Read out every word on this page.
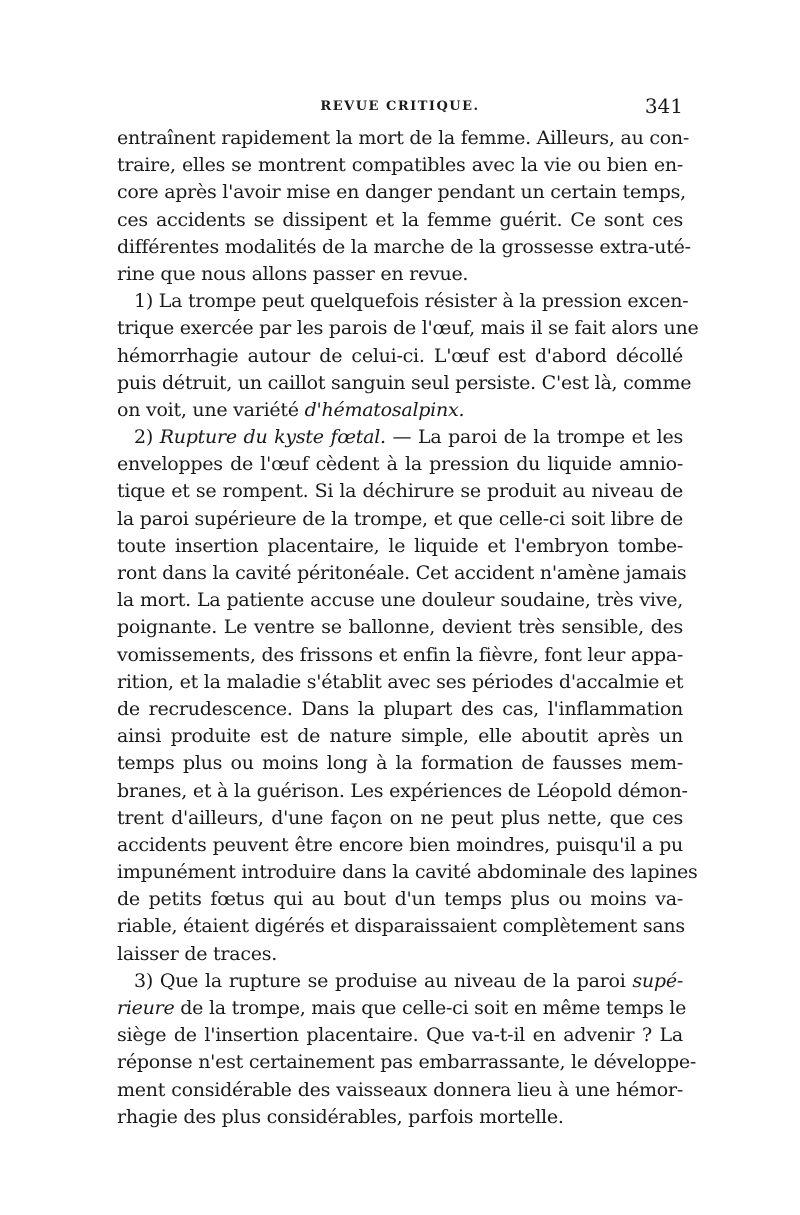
REVUE CRITIQUE.	341
entraînent rapidement la mort de la femme. Ailleurs, au con-
traire, elles se montrent compatibles avec la vie ou bien en-
core après l'avoir mise en danger pendant un certain temps,
ces accidents se dissipent et la femme guérit. Ce sont ces
différentes modalités de la marche de la grossesse extra-uté-
rine que nous allons passer en revue.
1) La trompe peut quelquefois résister à la pression excen-
trique exercée par les parois de l'œuf, mais il se fait alors une
hémorrhagie autour de celui-ci. L'œuf est d'abord décollé
puis détruit, un caillot sanguin seul persiste. C'est là, comme
on voit, une variété d'hématosalpinx.
2) Rupture du kyste fœtal. — La paroi de la trompe et les
enveloppes de l'œuf cèdent à la pression du liquide amnio-
tique et se rompent. Si la déchirure se produit au niveau de
la paroi supérieure de la trompe, et que celle-ci soit libre de
toute insertion placentaire, le liquide et l'embryon tombe-
ront dans la cavité péritonéale. Cet accident n'amène jamais
la mort. La patiente accuse une douleur soudaine, très vive,
poignante. Le ventre se ballonne, devient très sensible, des
vomissements, des frissons et enfin la fièvre, font leur appa-
rition, et la maladie s'établit avec ses périodes d'accalmie et
de recrudescence. Dans la plupart des cas, l'inflammation
ainsi produite est de nature simple, elle aboutit après un
temps plus ou moins long à la formation de fausses mem-
branes, et à la guérison. Les expériences de Léopold démon-
trent d'ailleurs, d'une façon on ne peut plus nette, que ces
accidents peuvent être encore bien moindres, puisqu'il a pu
impunément introduire dans la cavité abdominale des lapines
de petits fœtus qui au bout d'un temps plus ou moins va-
riable, étaient digérés et disparaissaient complètement sans
laisser de traces.
3) Que la rupture se produise au niveau de la paroi supé-
rieure de la trompe, mais que celle-ci soit en même temps le
siège de l'insertion placentaire. Que va-t-il en advenir ? La
réponse n'est certainement pas embarrassante, le développe-
ment considérable des vaisseaux donnera lieu à une hémor-
rhagie des plus considérables, parfois mortelle.
